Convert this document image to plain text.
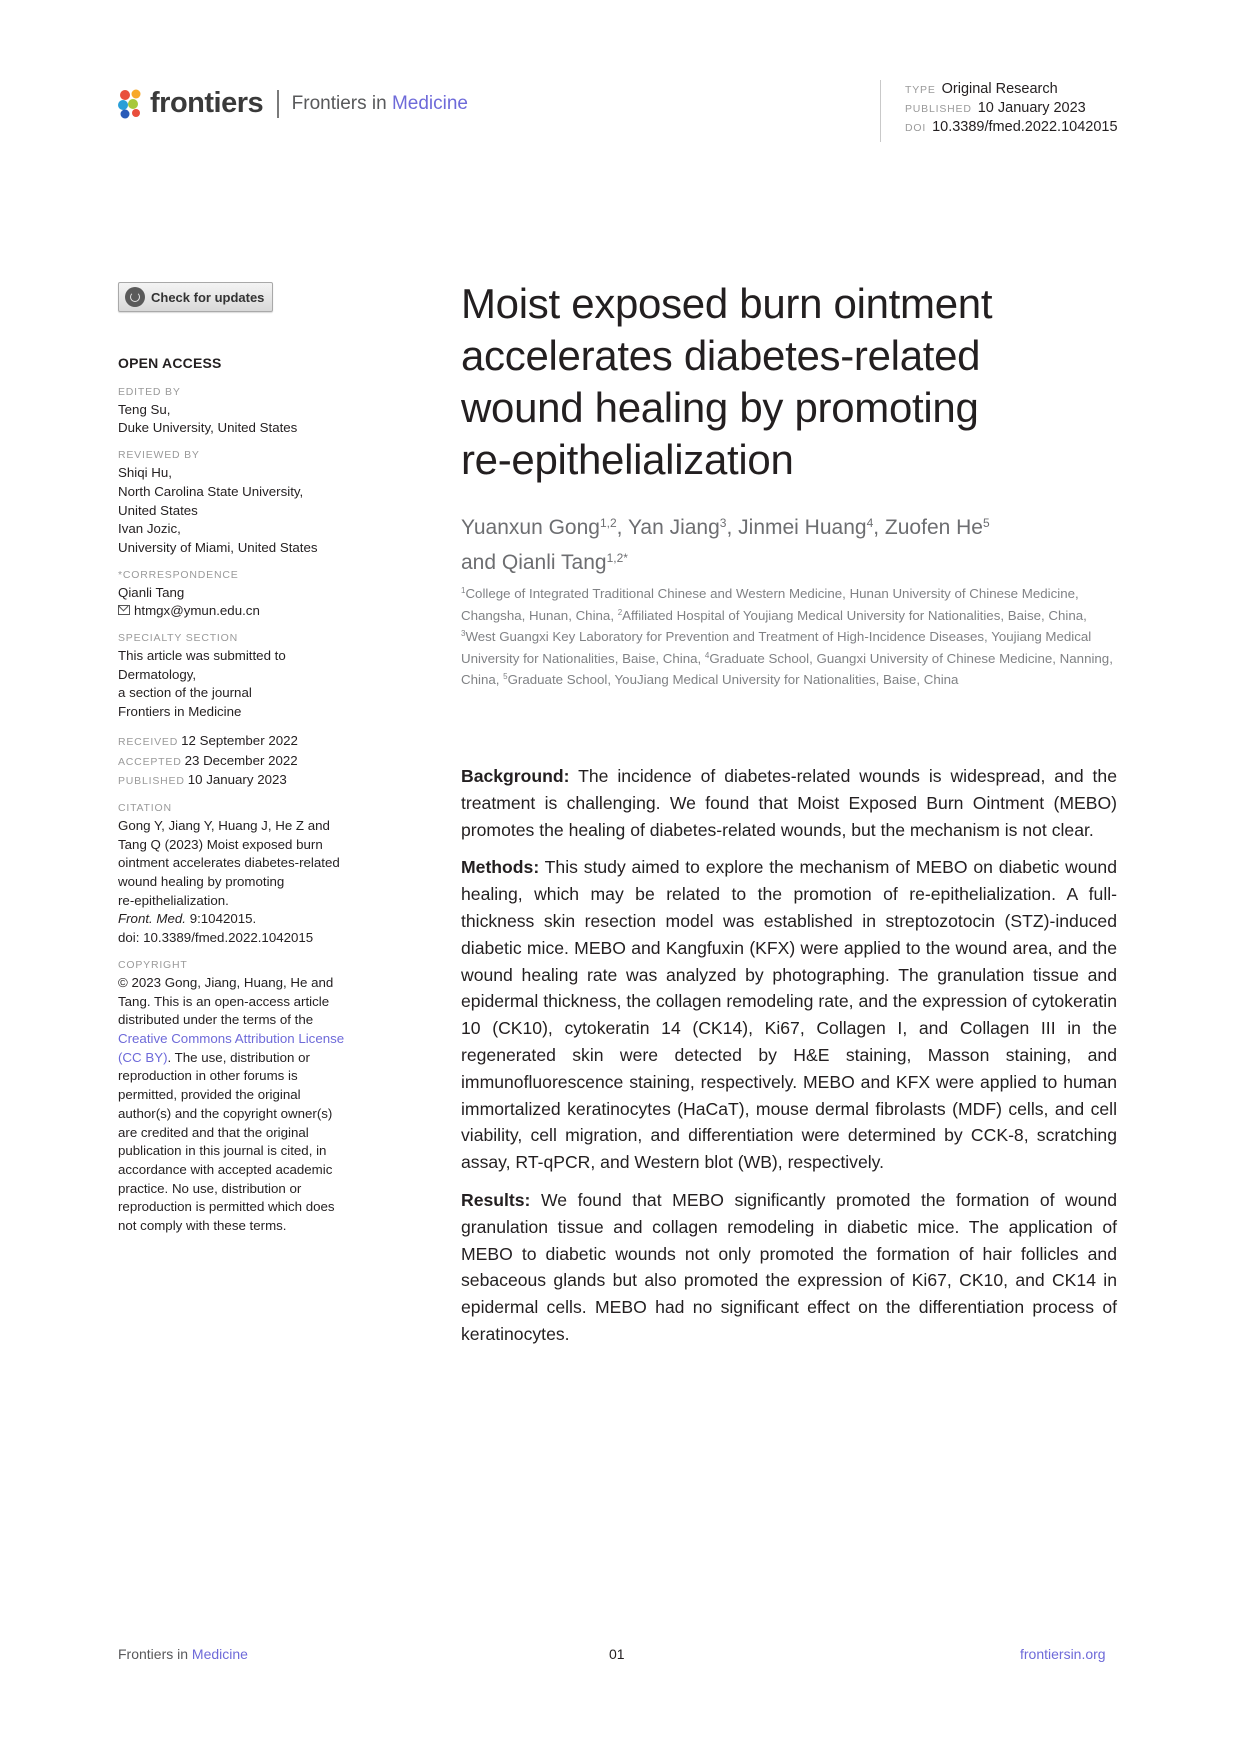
frontiers Frontiers in Medicine
TYPE Original Research
PUBLISHED 10 January 2023
DOI 10.3389/fmed.2022.1042015
Check for updates
OPEN ACCESS
EDITED BY
Teng Su,
Duke University, United States
REVIEWED BY
Shiqi Hu,
North Carolina State University,
United States
Ivan Jozic,
University of Miami, United States
*CORRESPONDENCE
Qianli Tang
htmgx@ymun.edu.cn
SPECIALTY SECTION
This article was submitted to
Dermatology,
a section of the journal
Frontiers in Medicine
RECEIVED 12 September 2022
ACCEPTED 23 December 2022
PUBLISHED 10 January 2023
CITATION
Gong Y, Jiang Y, Huang J, He Z and
Tang Q (2023) Moist exposed burn
ointment accelerates diabetes-related
wound healing by promoting
re-epithelialization.
Front. Med. 9:1042015.
doi: 10.3389/fmed.2022.1042015
COPYRIGHT
© 2023 Gong, Jiang, Huang, He and
Tang. This is an open-access article
distributed under the terms of the
Creative Commons Attribution License
(CC BY). The use, distribution or
reproduction in other forums is
permitted, provided the original
author(s) and the copyright owner(s)
are credited and that the original
publication in this journal is cited, in
accordance with accepted academic
practice. No use, distribution or
reproduction is permitted which does
not comply with these terms.
Moist exposed burn ointment
accelerates diabetes-related
wound healing by promoting
re-epithelialization
Yuanxun Gong$^{1,2}$, Yan Jiang$^3$, Jinmei Huang$^4$, Zuofen He$^5$
and Qianli Tang$^{1,2*}$
$^1$College of Integrated Traditional Chinese and Western Medicine, Hunan University of Chinese Medicine, Changsha, Hunan, China, $^2$Affiliated Hospital of Youjiang Medical University for Nationalities, Baise, China, $^3$West Guangxi Key Laboratory for Prevention and Treatment of High-Incidence Diseases, Youjiang Medical University for Nationalities, Baise, China, $^4$Graduate School, Guangxi University of Chinese Medicine, Nanning, China, $^5$Graduate School, YouJiang Medical University for Nationalities, Baise, China

Background: The incidence of diabetes-related wounds is widespread, and the treatment is challenging. We found that Moist Exposed Burn Ointment (MEBO) promotes the healing of diabetes-related wounds, but the mechanism is not clear.

Methods: This study aimed to explore the mechanism of MEBO on diabetic wound healing, which may be related to the promotion of re-epithelialization. A full-thickness skin resection model was established in streptozotocin (STZ)-induced diabetic mice. MEBO and Kangfuxin (KFX) were applied to the wound area, and the wound healing rate was analyzed by photographing. The granulation tissue and epidermal thickness, the collagen remodeling rate, and the expression of cytokeratin 10 (CK10), cytokeratin 14 (CK14), Ki67, Collagen I, and Collagen III in the regenerated skin were detected by H&E staining, Masson staining, and immunofluorescence staining, respectively. MEBO and KFX were applied to human immortalized keratinocytes (HaCaT), mouse dermal fibrolasts (MDF) cells, and cell viability, cell migration, and differentiation were determined by CCK-8, scratching assay, RT-qPCR, and Western blot (WB), respectively.

Results: We found that MEBO significantly promoted the formation of wound granulation tissue and collagen remodeling in diabetic mice. The application of MEBO to diabetic wounds not only promoted the formation of hair follicles and sebaceous glands but also promoted the expression of Ki67, CK10, and CK14 in epidermal cells. MEBO had no significant effect on the differentiation process of keratinocytes.

Frontiers in Medicine	01	frontiersin.org
